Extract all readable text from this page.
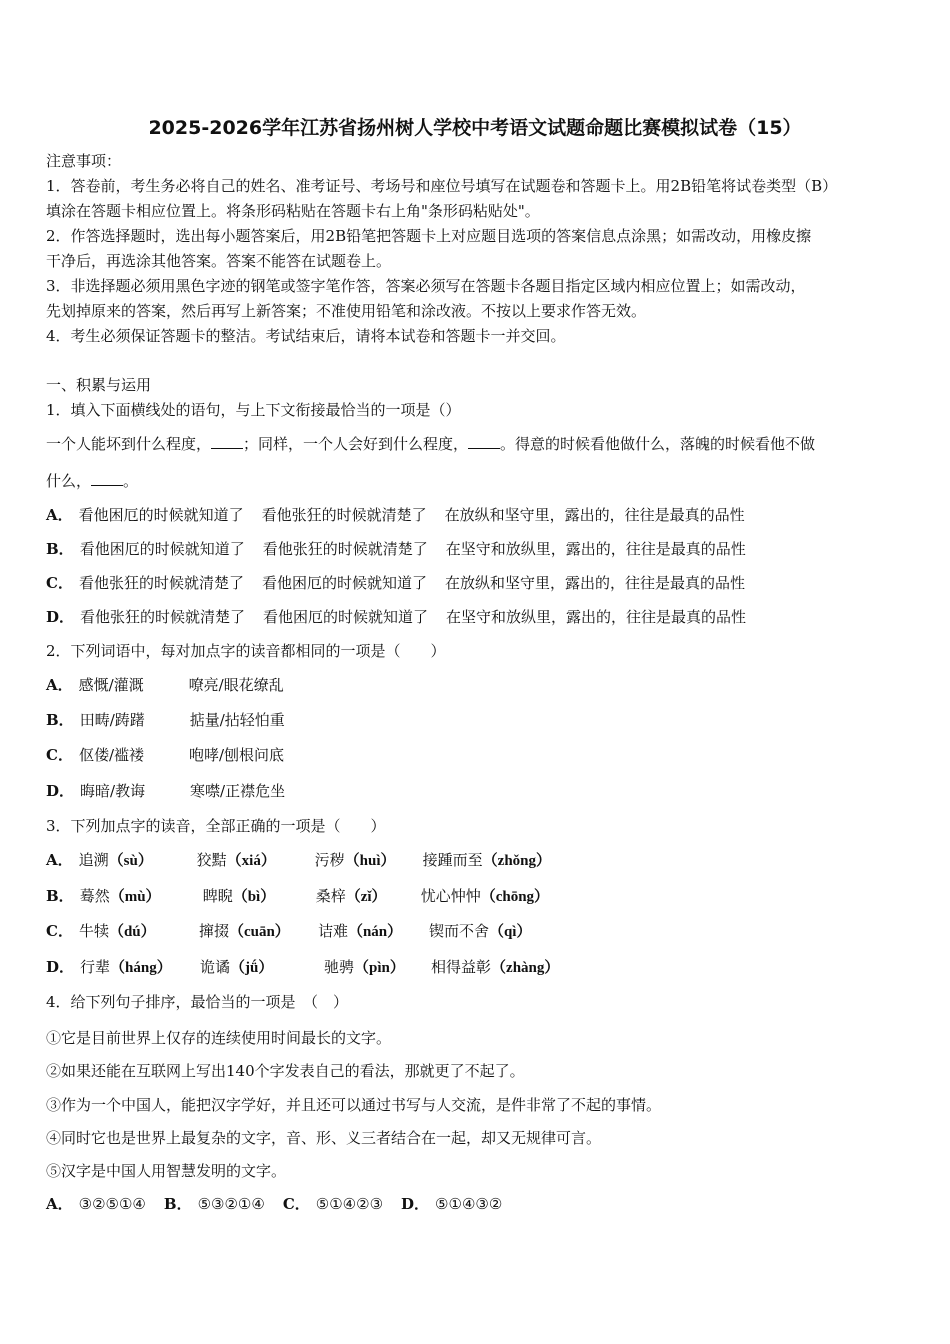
2025-2026学年江苏省扬州树人学校中考语文试题命题比赛模拟试卷（15）
注意事项：
1．答卷前，考生务必将自己的姓名、准考证号、考场号和座位号填写在试题卷和答题卡上。用2B铅笔将试卷类型（B）
填涂在答题卡相应位置上。将条形码粘贴在答题卡右上角"条形码粘贴处"。
2．作答选择题时，选出每小题答案后，用2B铅笔把答题卡上对应题目选项的答案信息点涂黑；如需改动，用橡皮擦
干净后，再选涂其他答案。答案不能答在试题卷上。
3．非选择题必须用黑色字迹的钢笔或签字笔作答，答案必须写在答题卡各题目指定区域内相应位置上；如需改动，
先划掉原来的答案，然后再写上新答案；不准使用铅笔和涂改液。不按以上要求作答无效。
4．考生必须保证答题卡的整洁。考试结束后，请将本试卷和答题卡一并交回。
一、积累与运用
1．填入下面横线处的语句，与上下文衔接最恰当的一项是（）
一个人能坏到什么程度， ；同样，一个人会好到什么程度， 。得意的时候看他做什么，落魄的时候看他不做
什么， 。
A． 看他困厄的时候就知道了 看他张狂的时候就清楚了 在放纵和坚守里，露出的，往往是最真的品性
B． 看他困厄的时候就知道了 看他张狂的时候就清楚了 在坚守和放纵里，露出的，往往是最真的品性
C． 看他张狂的时候就清楚了 看他困厄的时候就知道了 在放纵和坚守里，露出的，往往是最真的品性
D． 看他张狂的时候就清楚了 看他困厄的时候就知道了 在坚守和放纵里，露出的，往往是最真的品性
2．下列词语中，每对加点字的读音都相同的一项是（　　）
A． 感慨/灌溉	嘹亮/眼花缭乱
B． 田畴/踌躇	掂量/拈轻怕重
C． 伛偻/褴褛	咆哮/刨根问底
D． 晦暗/教诲	寒噤/正襟危坐
3．下列加点字的读音，全部正确的一项是（　　）
A． 追溯（sù）	狡黠（xiá）	污秽（huì） 接踵而至（zhǒng）
B． 蓦然（mù）	睥睨（bì）	桑梓（zǐ） 忧心忡忡（chōng）
C． 牛犊（dú）	撺掇（cuān） 诘难（nán） 锲而不舍（qì）
D． 行辈（háng） 诡谲（jǘ）	驰骋（pìn） 相得益彰（zhàng）
4．给下列句子排序，最恰当的一项是　（　）
①它是目前世界上仅存的连续使用时间最长的文字。
②如果还能在互联网上写出140个字发表自己的看法，那就更了不起了。
③作为一个中国人，能把汉字学好，并且还可以通过书写与人交流，是件非常了不起的事情。
④同时它也是世界上最复杂的文字，音、形、义三者结合在一起，却又无规律可言。
⑤汉字是中国人用智慧发明的文字。
A． ③②⑤①④ B． ⑤③②①④ C． ⑤①④②③ D． ⑤①④③②
